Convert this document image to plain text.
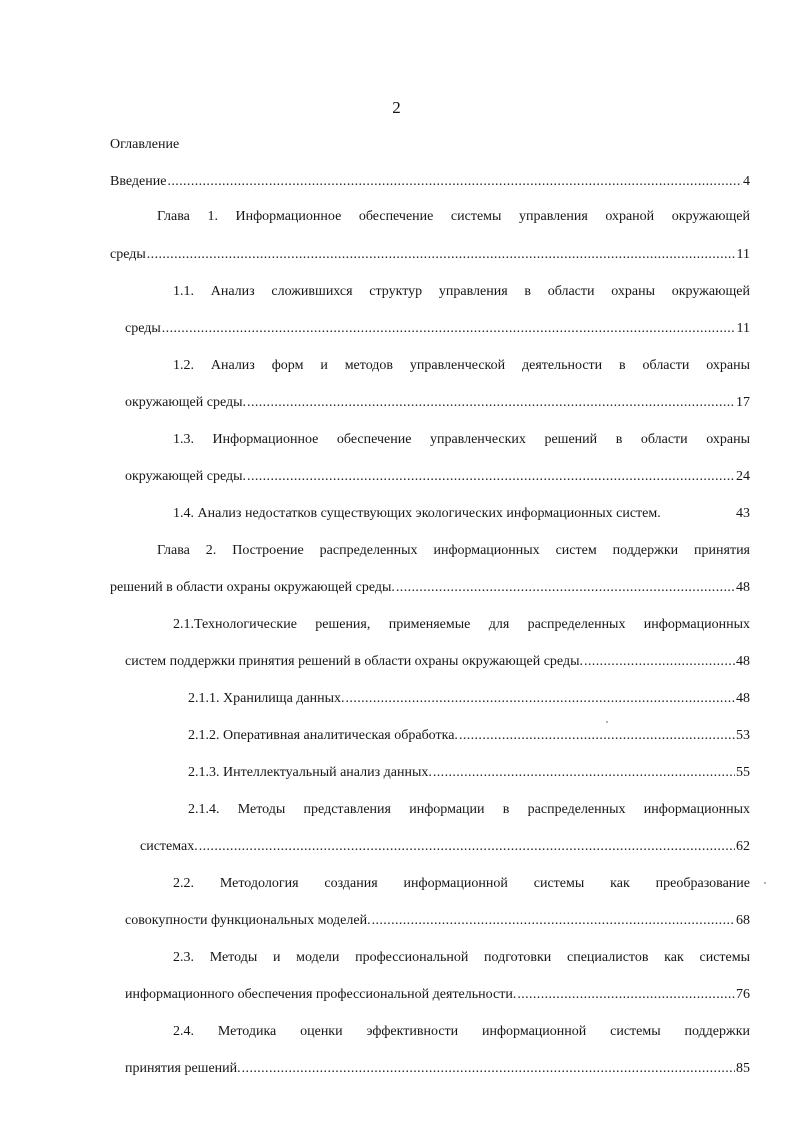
2
Оглавление
Введение .....	4
Глава 1. Информационное обеспечение системы управления охраной окружающей
среды .....	11
1.1. Анализ сложившихся структур управления в области охраны окружающей
среды .....	11
1.2. Анализ форм и методов управленческой деятельности в области охраны
окружающей среды. .....	17
1.3. Информационное обеспечение управленческих решений в области охраны
окружающей среды. .....	24
1.4. Анализ недостатков существующих экологических информационных систем.	43
Глава 2. Построение распределенных информационных систем поддержки принятия
решений в области охраны окружающей среды. .....	48
2.1.Технологические решения, применяемые для распределенных информационных
систем поддержки принятия решений в области охраны окружающей среды. .....	48
2.1.1. Хранилища данных. .....	48
2.1.2. Оперативная аналитическая обработка. .....	53
2.1.3. Интеллектуальный анализ данных. .....	55
2.1.4. Методы представления информации в распределенных информационных
системах. .....	62
2.2. Методология создания информационной системы как преобразование
совокупности функциональных моделей. .....	68
2.3. Методы и модели профессиональной подготовки специалистов как системы
информационного обеспечения профессиональной деятельности. .....	76
2.4. Методика оценки эффективности информационной системы поддержки
принятия решений. .....	85
